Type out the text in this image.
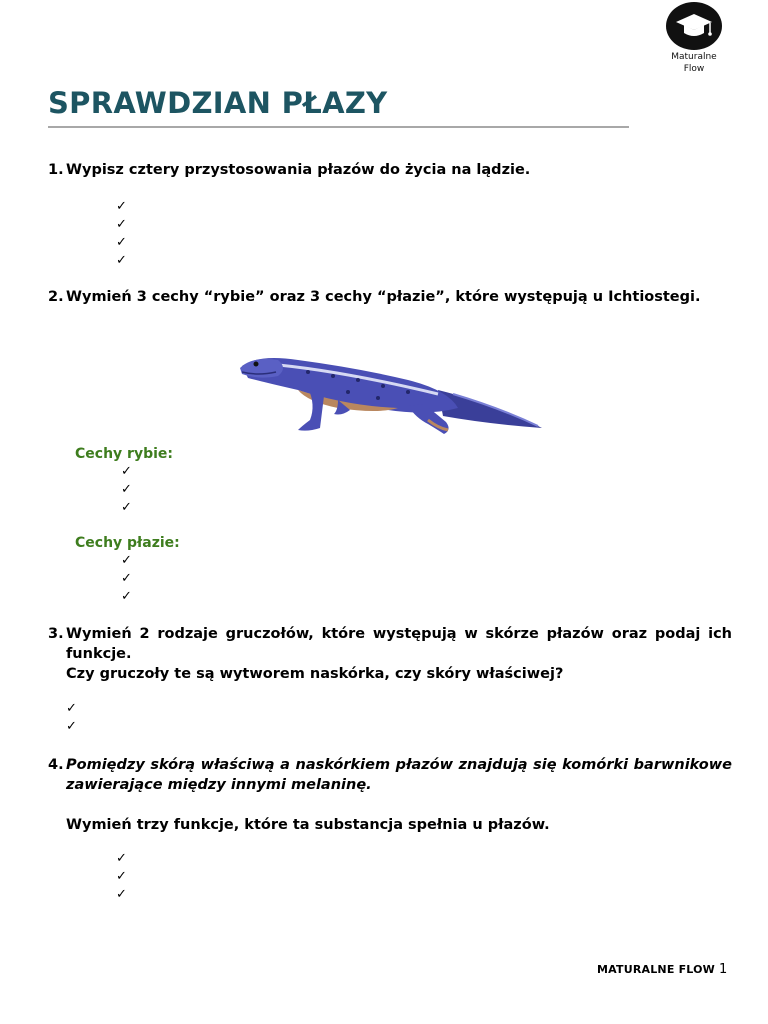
Maturalne
Flow
SPRAWDZIAN PŁAZY
1. Wypisz cztery przystosowania płazów do życia na lądzie.
✓
✓
✓
✓
2. Wymień 3 cechy “rybie” oraz 3 cechy “płazie”, które występują u Ichtiostegi.
Cechy rybie:
✓
✓
✓
Cechy płazie:
✓
✓
✓
3. Wymień 2 rodzaje gruczołów, które występują w skórze płazów oraz podaj ich funkcje.
Czy gruczoły te są wytworem naskórka, czy skóry właściwej?
✓
✓
4. Pomiędzy skórą właściwą a naskórkiem płazów znajdują się komórki barwnikowe zawierające między innymi melaninę.
Wymień trzy funkcje, które ta substancja spełnia u płazów.
✓
✓
✓
MATURALNE FLOW 1
